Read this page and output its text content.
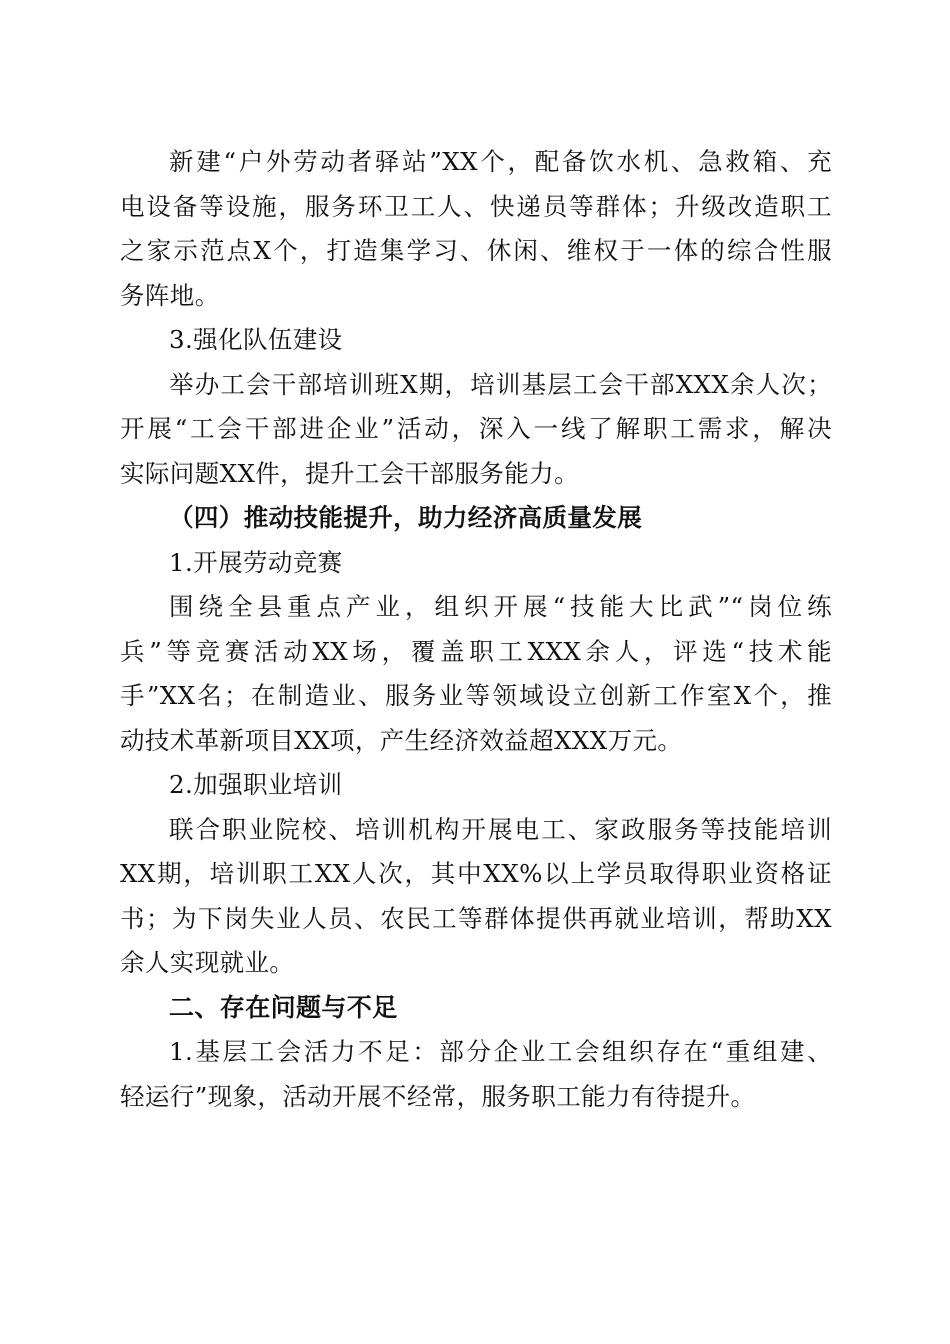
新建“户外劳动者驿站”XX个，配备饮水机、急救箱、充
电设备等设施，服务环卫工人、快递员等群体；升级改造职工
之家示范点X个，打造集学习、休闲、维权于一体的综合性服
务阵地。
3.强化队伍建设
举办工会干部培训班X期，培训基层工会干部XXX余人次；
开展“工会干部进企业”活动，深入一线了解职工需求，解决
实际问题XX件，提升工会干部服务能力。
（四）推动技能提升，助力经济高质量发展
1.开展劳动竞赛
围绕全县重点产业，组织开展“技能大比武”“岗位练
兵”等竞赛活动XX场，覆盖职工XXX余人，评选“技术能
手”XX名；在制造业、服务业等领域设立创新工作室X个，推
动技术革新项目XX项，产生经济效益超XXX万元。
2.加强职业培训
联合职业院校、培训机构开展电工、家政服务等技能培训
XX期，培训职工XX人次，其中XX%以上学员取得职业资格证
书；为下岗失业人员、农民工等群体提供再就业培训，帮助XX
余人实现就业。
二、存在问题与不足
1.基层工会活力不足：部分企业工会组织存在“重组建、
轻运行”现象，活动开展不经常，服务职工能力有待提升。
